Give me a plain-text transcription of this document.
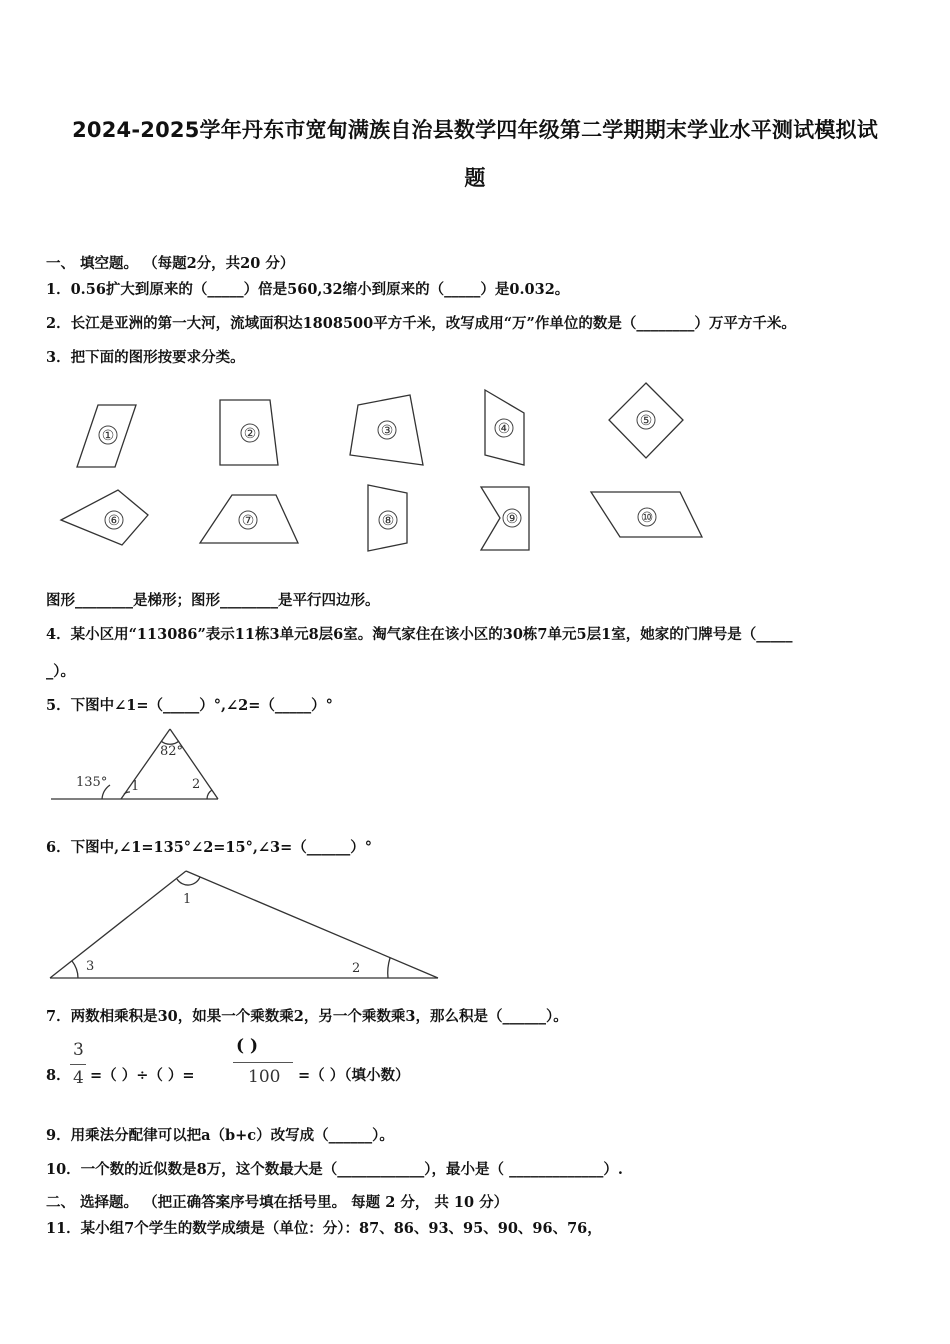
2024-2025学年丹东市宽甸满族自治县数学四年级第二学期期末学业水平测试模拟试
题
一、 填空题。 （每题2分，共20 分）
1．0.56扩大到原来的（_____）倍是560,32缩小到原来的（_____）是0.032。
2．长江是亚洲的第一大河，流域面积达1808500平方千米，改写成用“万”作单位的数是（________）万平方千米。
3．把下面的图形按要求分类。
①	②	③	④	⑤
⑥	⑦	⑧	⑨	⑩
图形________是梯形；图形________是平行四边形。
4．某小区用“113086”表示11栋3单元8层6室。淘气家住在该小区的30栋7单元5层1室，她家的门牌号是（_____
_）。
5．下图中∠1=（_____）°,∠2=（_____）°
82°
135° 1	2
6．下图中,∠1=135°∠2=15°,∠3=（______）°
1
2
3
7．两数相乘积是30，如果一个乘数乘2，另一个乘数乘3，那么积是（______）。
8．
3
4 =（ ）÷（ ）=
( )
100 =（ ）（填小数）
9．用乘法分配律可以把a（b+c）改写成（______）。
10．一个数的近似数是8万，这个数最大是（____________），最小是（ _____________）.
二、 选择题。 （把正确答案序号填在括号里。 每题 2 分， 共 10 分）
11．某小组7个学生的数学成绩是（单位：分）：87、86、93、95、90、96、76，
